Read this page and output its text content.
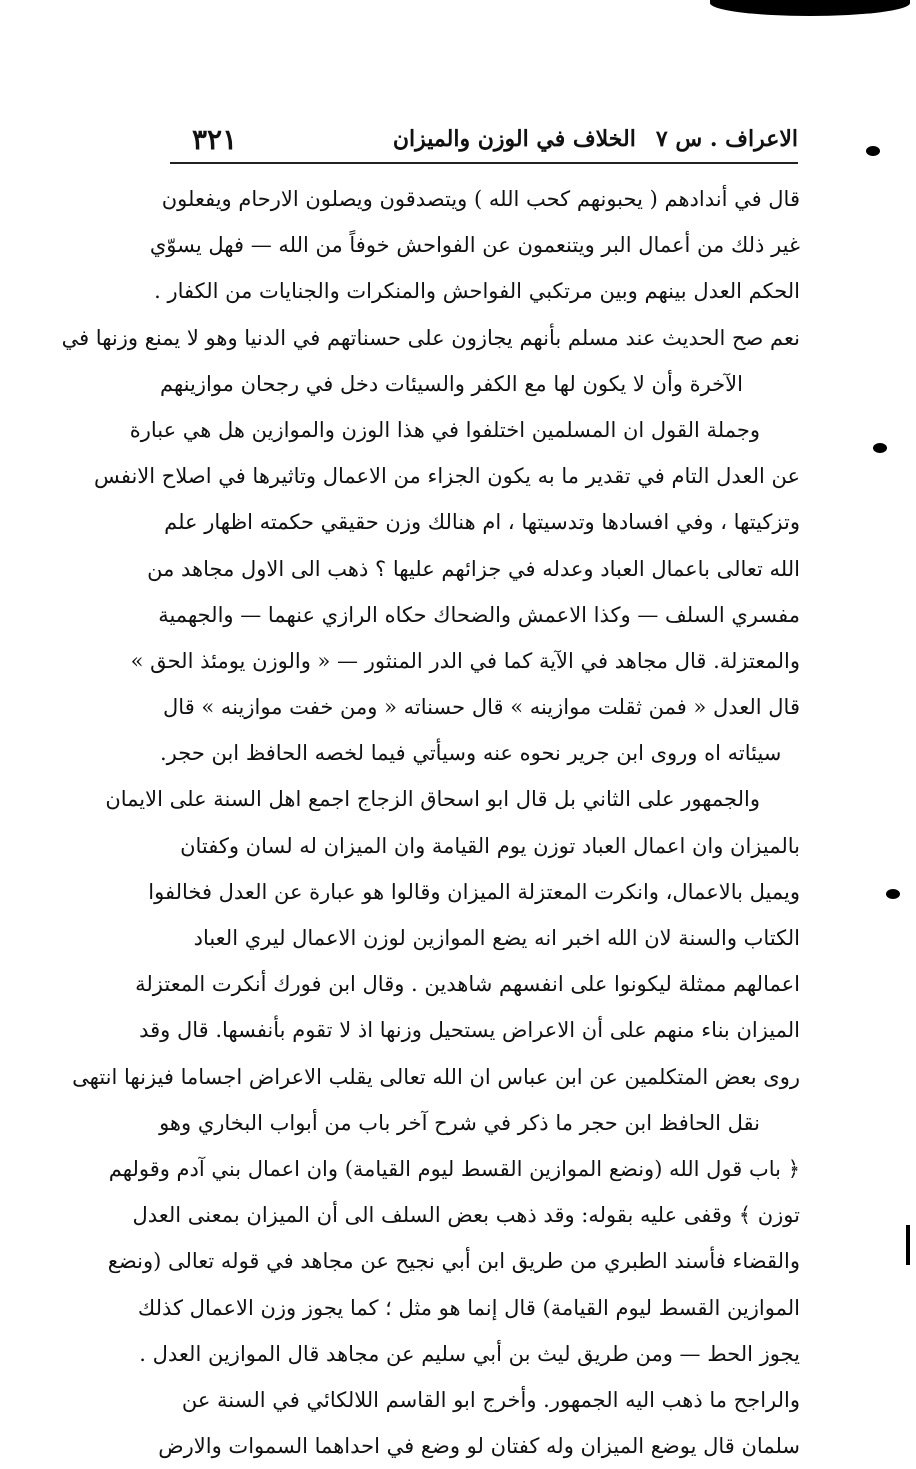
الاعراف . س ٧
الخلاف في الوزن والميزان
٣٢١
قال في أندادهم ( يحبونهم كحب الله ) ويتصدقون ويصلون الارحام ويفعلون
غير ذلك من أعمال البر ويتنعمون عن الفواحش خوفاً من الله — فهل يسوّي
الحكم العدل بينهم وبين مرتكبي الفواحش والمنكرات والجنايات من الكفار .
نعم صح الحديث عند مسلم بأنهم يجازون على حسناتهم في الدنيا وهو لا يمنع وزنها في
الآخرة وأن لا يكون لها مع الكفر والسيئات دخل في رجحان موازينهم
وجملة القول ان المسلمين اختلفوا في هذا الوزن والموازين هل هي عبارة
عن العدل التام في تقدير ما به يكون الجزاء من الاعمال وتاثيرها في اصلاح الانفس
وتزكيتها ، وفي افسادها وتدسيتها ، ام هنالك وزن حقيقي حكمته اظهار علم
الله تعالى باعمال العباد وعدله في جزائهم عليها ؟ ذهب الى الاول مجاهد من
مفسري السلف — وكذا الاعمش والضحاك حكاه الرازي عنهما — والجهمية
والمعتزلة. قال مجاهد في الآية كما في الدر المنثور — « والوزن يومئذ الحق »
قال العدل « فمن ثقلت موازينه » قال حسناته « ومن خفت موازينه » قال
سيئاته اه وروى ابن جرير نحوه عنه وسيأتي فيما لخصه الحافظ ابن حجر.
والجمهور على الثاني بل قال ابو اسحاق الزجاج اجمع اهل السنة على الايمان
بالميزان وان اعمال العباد توزن يوم القيامة وان الميزان له لسان وكفتان
ويميل بالاعمال، وانكرت المعتزلة الميزان وقالوا هو عبارة عن العدل فخالفوا
الكتاب والسنة لان الله اخبر انه يضع الموازين لوزن الاعمال ليري العباد
اعمالهم ممثلة ليكونوا على انفسهم شاهدين . وقال ابن فورك أنكرت المعتزلة
الميزان بناء منهم على أن الاعراض يستحيل وزنها اذ لا تقوم بأنفسها. قال وقد
روى بعض المتكلمين عن ابن عباس ان الله تعالى يقلب الاعراض اجساما فيزنها انتهى
نقل الحافظ ابن حجر ما ذكر في شرح آخر باب من أبواب البخاري وهو
﴿ باب قول الله (ونضع الموازين القسط ليوم القيامة) وان اعمال بني آدم وقولهم
توزن ﴾ وقفى عليه بقوله: وقد ذهب بعض السلف الى أن الميزان بمعنى العدل
والقضاء فأسند الطبري من طريق ابن أبي نجيح عن مجاهد في قوله تعالى (ونضع
الموازين القسط ليوم القيامة) قال إنما هو مثل ؛ كما يجوز وزن الاعمال كذلك
يجوز الحط — ومن طريق ليث بن أبي سليم عن مجاهد قال الموازين العدل .
والراجح ما ذهب اليه الجمهور. وأخرج ابو القاسم اللالكائي في السنة عن
سلمان قال يوضع الميزان وله كفتان لو وضع في احداهما السموات والارض
